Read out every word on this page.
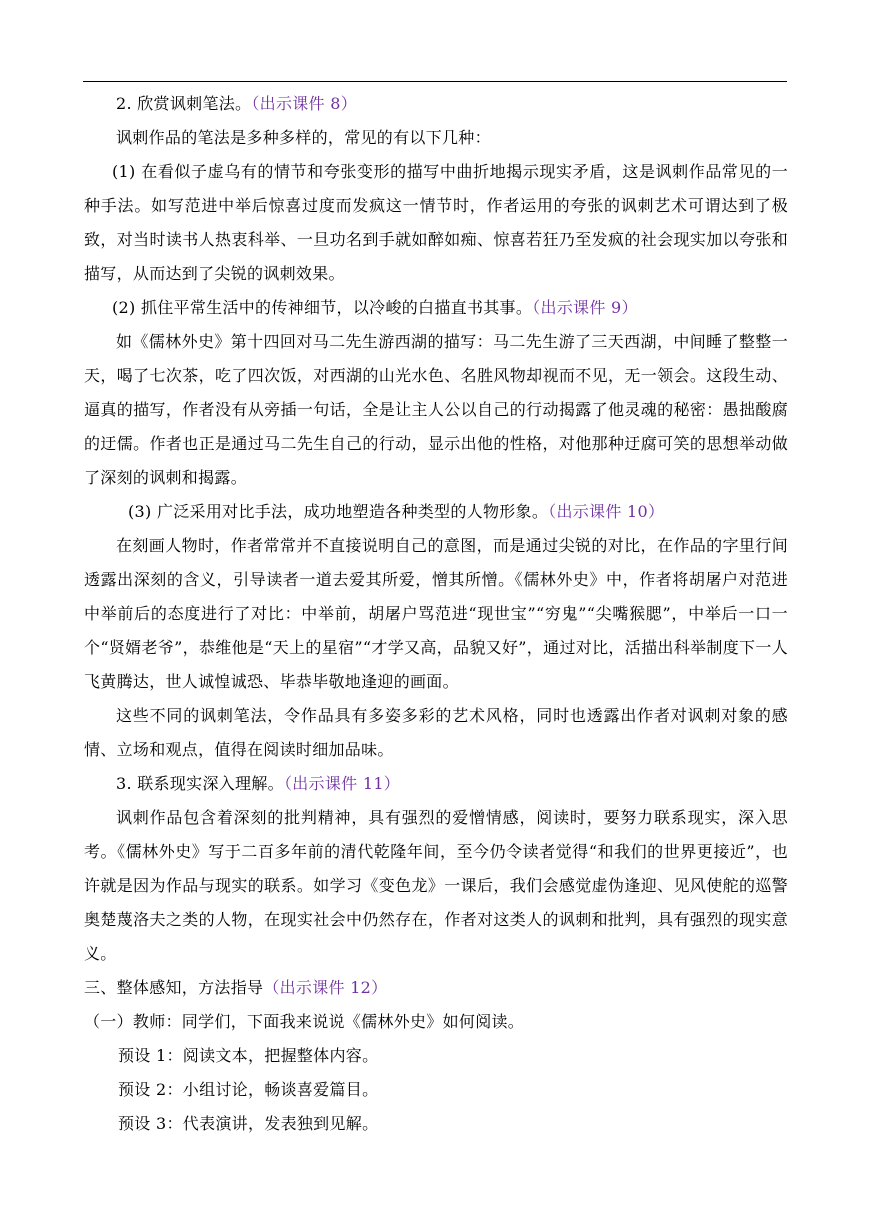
2. 欣赏讽刺笔法。（出示课件 8）

讽刺作品的笔法是多种多样的，常见的有以下几种：

(1) 在看似子虚乌有的情节和夸张变形的描写中曲折地揭示现实矛盾，这是讽刺作品常见的一种手法。如写范进中举后惊喜过度而发疯这一情节时，作者运用的夸张的讽刺艺术可谓达到了极致，对当时读书人热衷科举、一旦功名到手就如醉如痴、惊喜若狂乃至发疯的社会现实加以夸张和描写，从而达到了尖锐的讽刺效果。

(2) 抓住平常生活中的传神细节，以冷峻的白描直书其事。（出示课件 9）

如《儒林外史》第十四回对马二先生游西湖的描写：马二先生游了三天西湖，中间睡了整整一天，喝了七次茶，吃了四次饭，对西湖的山光水色、名胜风物却视而不见，无一领会。这段生动、逼真的描写，作者没有从旁插一句话，全是让主人公以自己的行动揭露了他灵魂的秘密：愚拙酸腐的迂儒。作者也正是通过马二先生自己的行动，显示出他的性格，对他那种迂腐可笑的思想举动做了深刻的讽刺和揭露。

(3) 广泛采用对比手法，成功地塑造各种类型的人物形象。（出示课件 10）

在刻画人物时，作者常常并不直接说明自己的意图，而是通过尖锐的对比，在作品的字里行间透露出深刻的含义，引导读者一道去爱其所爱，憎其所憎。《儒林外史》中，作者将胡屠户对范进中举前后的态度进行了对比：中举前，胡屠户骂范进“现世宝”“穷鬼”“尖嘴猴腮”，中举后一口一个“贤婿老爷”，恭维他是“天上的星宿”“才学又高，品貌又好”，通过对比，活描出科举制度下一人飞黄腾达，世人诚惶诚恐、毕恭毕敬地逢迎的画面。

这些不同的讽刺笔法，令作品具有多姿多彩的艺术风格，同时也透露出作者对讽刺对象的感情、立场和观点，值得在阅读时细加品味。

3. 联系现实深入理解。（出示课件 11）

讽刺作品包含着深刻的批判精神，具有强烈的爱憎情感，阅读时，要努力联系现实，深入思考。《儒林外史》写于二百多年前的清代乾隆年间，至今仍令读者觉得“和我们的世界更接近”，也许就是因为作品与现实的联系。如学习《变色龙》一课后，我们会感觉虚伪逢迎、见风使舵的巡警奥楚蔑洛夫之类的人物，在现实社会中仍然存在，作者对这类人的讽刺和批判，具有强烈的现实意义。

三、整体感知，方法指导（出示课件 12）

（一）教师：同学们，下面我来说说《儒林外史》如何阅读。

预设 1：阅读文本，把握整体内容。

预设 2：小组讨论，畅谈喜爱篇目。

预设 3：代表演讲，发表独到见解。
